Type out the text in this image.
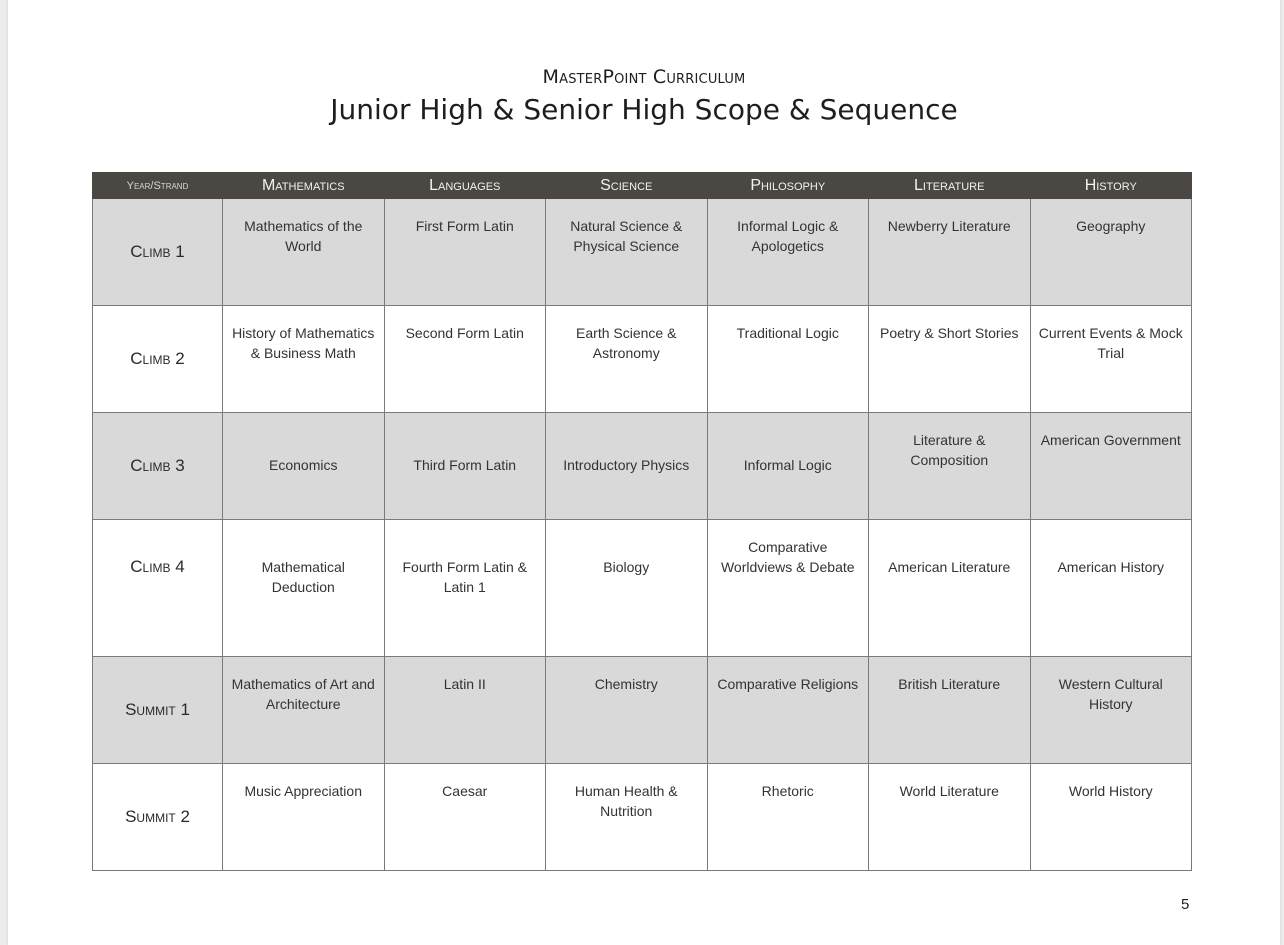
MasterPoint Curriculum
Junior High & Senior High Scope & Sequence
Year/Strand	Mathematics	Languages	Science	Philosophy	Literature	History
Climb 1	Mathematics of the World	First Form Latin	Natural Science & Physical Science	Informal Logic & Apologetics	Newberry Literature	Geography
Climb 2	History of Mathematics & Business Math	Second Form Latin	Earth Science & Astronomy	Traditional Logic	Poetry & Short Stories	Current Events & Mock Trial
Climb 3	Economics	Third Form Latin	Introductory Physics	Informal Logic	Literature & Composition	American Government
Climb 4	Mathematical Deduction	Fourth Form Latin & Latin 1	Biology	Comparative Worldviews & Debate	American Literature	American History
Summit 1	Mathematics of Art and Architecture	Latin II	Chemistry	Comparative Religions	British Literature	Western Cultural History
Summit 2	Music Appreciation	Caesar	Human Health & Nutrition	Rhetoric	World Literature	World History
5
